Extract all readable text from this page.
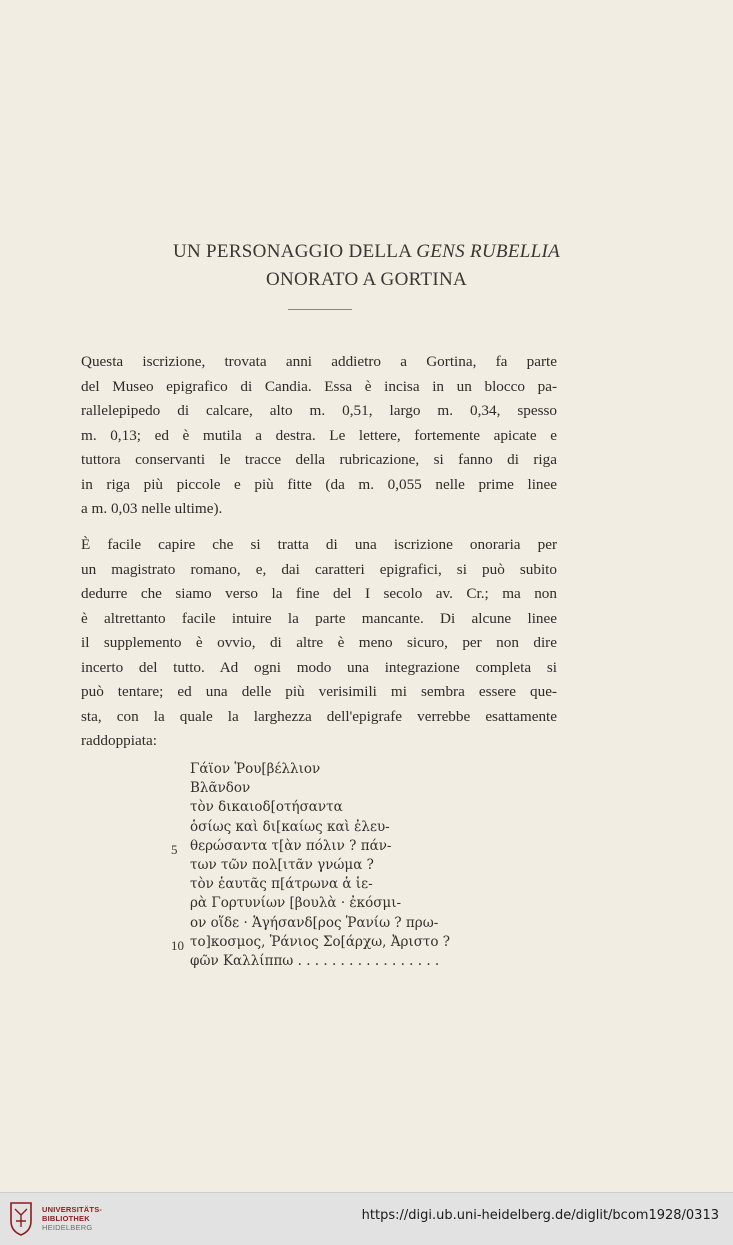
UN PERSONAGGIO DELLA GENS RUBELLIA
ONORATO A GORTINA
Questa iscrizione, trovata anni addietro a Gortina, fa parte
del Museo epigrafico di Candia. Essa è incisa in un blocco pa-
rallelepipedo di calcare, alto m. 0,51, largo m. 0,34, spesso
m. 0,13; ed è mutila a destra. Le lettere, fortemente apicate e
tuttora conservanti le tracce della rubricazione, si fanno di riga
in riga più piccole e più fitte (da m. 0,055 nelle prime linee
a m. 0,03 nelle ultime).
È facile capire che si tratta di una iscrizione onoraria per
un magistrato romano, e, dai caratteri epigrafici, si può subito
dedurre che siamo verso la fine del I secolo av. Cr.; ma non
è altrettanto facile intuire la parte mancante. Di alcune linee
il supplemento è ovvio, di altre è meno sicuro, per non dire
incerto del tutto. Ad ogni modo una integrazione completa si
può tentare; ed una delle più verisimili mi sembra essere que-
sta, con la quale la larghezza dell'epigrafe verrebbe esattamente
raddoppiata:
Γάϊον Ῥου[βέλλιον
Βλᾶνδον
τὸν δικαιοδ[οτήσαντα
ὁσίως καὶ δι[καίως καὶ ἐλευ-
θερώσαντα τ[ὰν πόλιν ? πάν-
των τῶν πολ[ιτᾶν γνώμα ?
τὸν ἑαυτᾶς π[άτρωνα ἁ ἱε-
ρὰ Γορτυνίων [βουλὰ · ἐκόσμι-
ον οἵδε · Ἁγήσανδ[ρος Ῥανίω ? πρω-
το]κοσμος, Ῥάνιος Σο[άρχω, Ἀριστο ?
φῶν Καλλίππω . . . . . . . . . . . . . . . . .
5
10
UNIVERSITÄTS-
BIBLIOTHEK
HEIDELBERG
https://digi.ub.uni-heidelberg.de/diglit/bcom1928/0313
